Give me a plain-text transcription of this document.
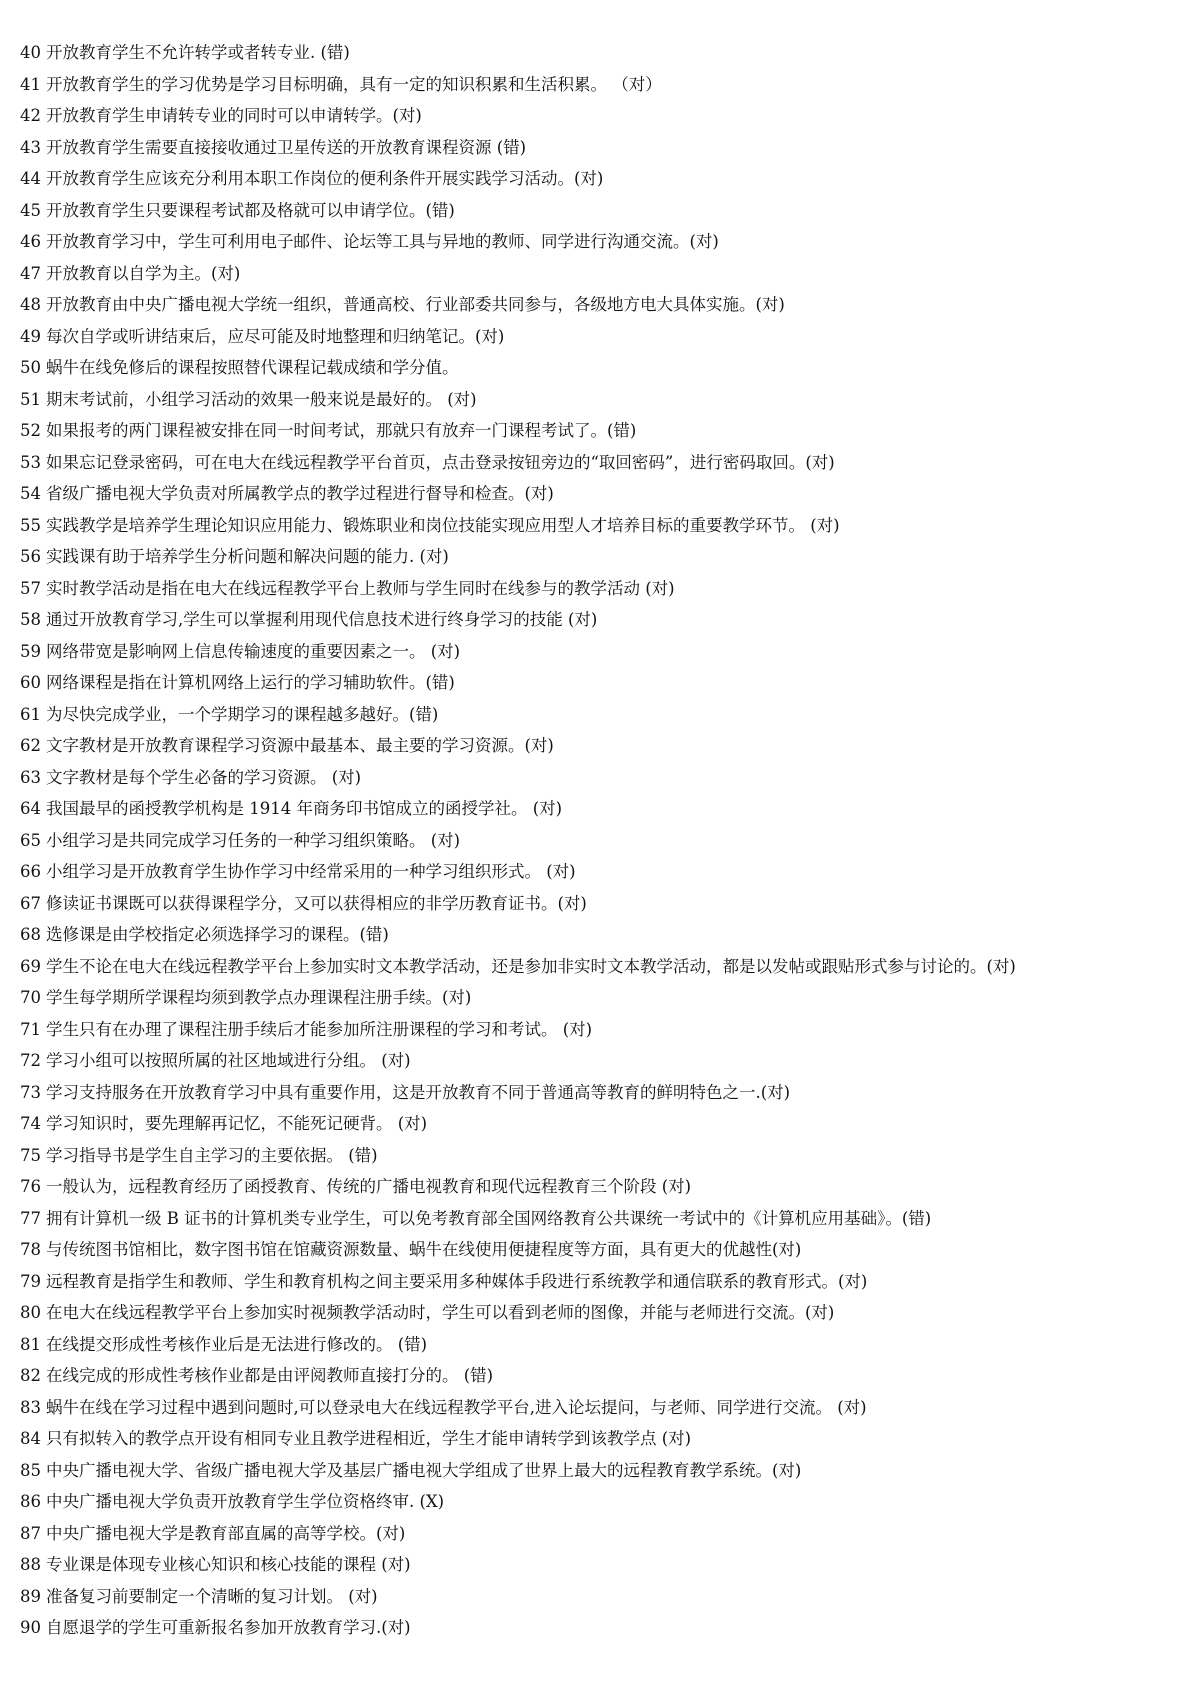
40 开放教育学生不允许转学或者转专业. (错)
41 开放教育学生的学习优势是学习目标明确，具有一定的知识积累和生活积累。 （对）
42 开放教育学生申请转专业的同时可以申请转学。(对)
43 开放教育学生需要直接接收通过卫星传送的开放教育课程资源 (错)
44 开放教育学生应该充分利用本职工作岗位的便利条件开展实践学习活动。(对)
45 开放教育学生只要课程考试都及格就可以申请学位。(错)
46 开放教育学习中，学生可利用电子邮件、论坛等工具与异地的教师、同学进行沟通交流。(对)
47 开放教育以自学为主。(对)
48 开放教育由中央广播电视大学统一组织，普通高校、行业部委共同参与，各级地方电大具体实施。(对)
49 每次自学或听讲结束后，应尽可能及时地整理和归纳笔记。(对)
50 蜗牛在线免修后的课程按照替代课程记载成绩和学分值。
51 期末考试前，小组学习活动的效果一般来说是最好的。 (对)
52 如果报考的两门课程被安排在同一时间考试，那就只有放弃一门课程考试了。(错)
53 如果忘记登录密码，可在电大在线远程教学平台首页，点击登录按钮旁边的“取回密码”，进行密码取回。(对)
54 省级广播电视大学负责对所属教学点的教学过程进行督导和检查。(对)
55 实践教学是培养学生理论知识应用能力、锻炼职业和岗位技能实现应用型人才培养目标的重要教学环节。 (对)
56 实践课有助于培养学生分析问题和解决问题的能力. (对)
57 实时教学活动是指在电大在线远程教学平台上教师与学生同时在线参与的教学活动 (对)
58 通过开放教育学习,学生可以掌握利用现代信息技术进行终身学习的技能 (对)
59 网络带宽是影响网上信息传输速度的重要因素之一。 (对)
60 网络课程是指在计算机网络上运行的学习辅助软件。(错)
61 为尽快完成学业，一个学期学习的课程越多越好。(错)
62 文字教材是开放教育课程学习资源中最基本、最主要的学习资源。(对)
63 文字教材是每个学生必备的学习资源。 (对)
64 我国最早的函授教学机构是 1914 年商务印书馆成立的函授学社。 (对)
65 小组学习是共同完成学习任务的一种学习组织策略。 (对)
66 小组学习是开放教育学生协作学习中经常采用的一种学习组织形式。 (对)
67 修读证书课既可以获得课程学分，又可以获得相应的非学历教育证书。(对)
68 选修课是由学校指定必须选择学习的课程。(错)
69 学生不论在电大在线远程教学平台上参加实时文本教学活动，还是参加非实时文本教学活动，都是以发帖或跟贴形式参与讨论的。(对)
70 学生每学期所学课程均须到教学点办理课程注册手续。(对)
71 学生只有在办理了课程注册手续后才能参加所注册课程的学习和考试。 (对)
72 学习小组可以按照所属的社区地域进行分组。 (对)
73 学习支持服务在开放教育学习中具有重要作用，这是开放教育不同于普通高等教育的鲜明特色之一.(对)
74 学习知识时，要先理解再记忆，不能死记硬背。 (对)
75 学习指导书是学生自主学习的主要依据。 (错)
76 一般认为，远程教育经历了函授教育、传统的广播电视教育和现代远程教育三个阶段 (对)
77 拥有计算机一级 B 证书的计算机类专业学生，可以免考教育部全国网络教育公共课统一考试中的《计算机应用基础》。(错)
78 与传统图书馆相比，数字图书馆在馆藏资源数量、蜗牛在线使用便捷程度等方面，具有更大的优越性(对)
79 远程教育是指学生和教师、学生和教育机构之间主要采用多种媒体手段进行系统教学和通信联系的教育形式。(对)
80 在电大在线远程教学平台上参加实时视频教学活动时，学生可以看到老师的图像，并能与老师进行交流。(对)
81 在线提交形成性考核作业后是无法进行修改的。 (错)
82 在线完成的形成性考核作业都是由评阅教师直接打分的。 (错)
83 蜗牛在线在学习过程中遇到问题时,可以登录电大在线远程教学平台,进入论坛提问，与老师、同学进行交流。 (对)
84 只有拟转入的教学点开设有相同专业且教学进程相近，学生才能申请转学到该教学点 (对)
85 中央广播电视大学、省级广播电视大学及基层广播电视大学组成了世界上最大的远程教育教学系统。(对)
86 中央广播电视大学负责开放教育学生学位资格终审. (X)
87 中央广播电视大学是教育部直属的高等学校。(对)
88 专业课是体现专业核心知识和核心技能的课程 (对)
89 准备复习前要制定一个清晰的复习计划。 (对)
90 自愿退学的学生可重新报名参加开放教育学习.(对)
